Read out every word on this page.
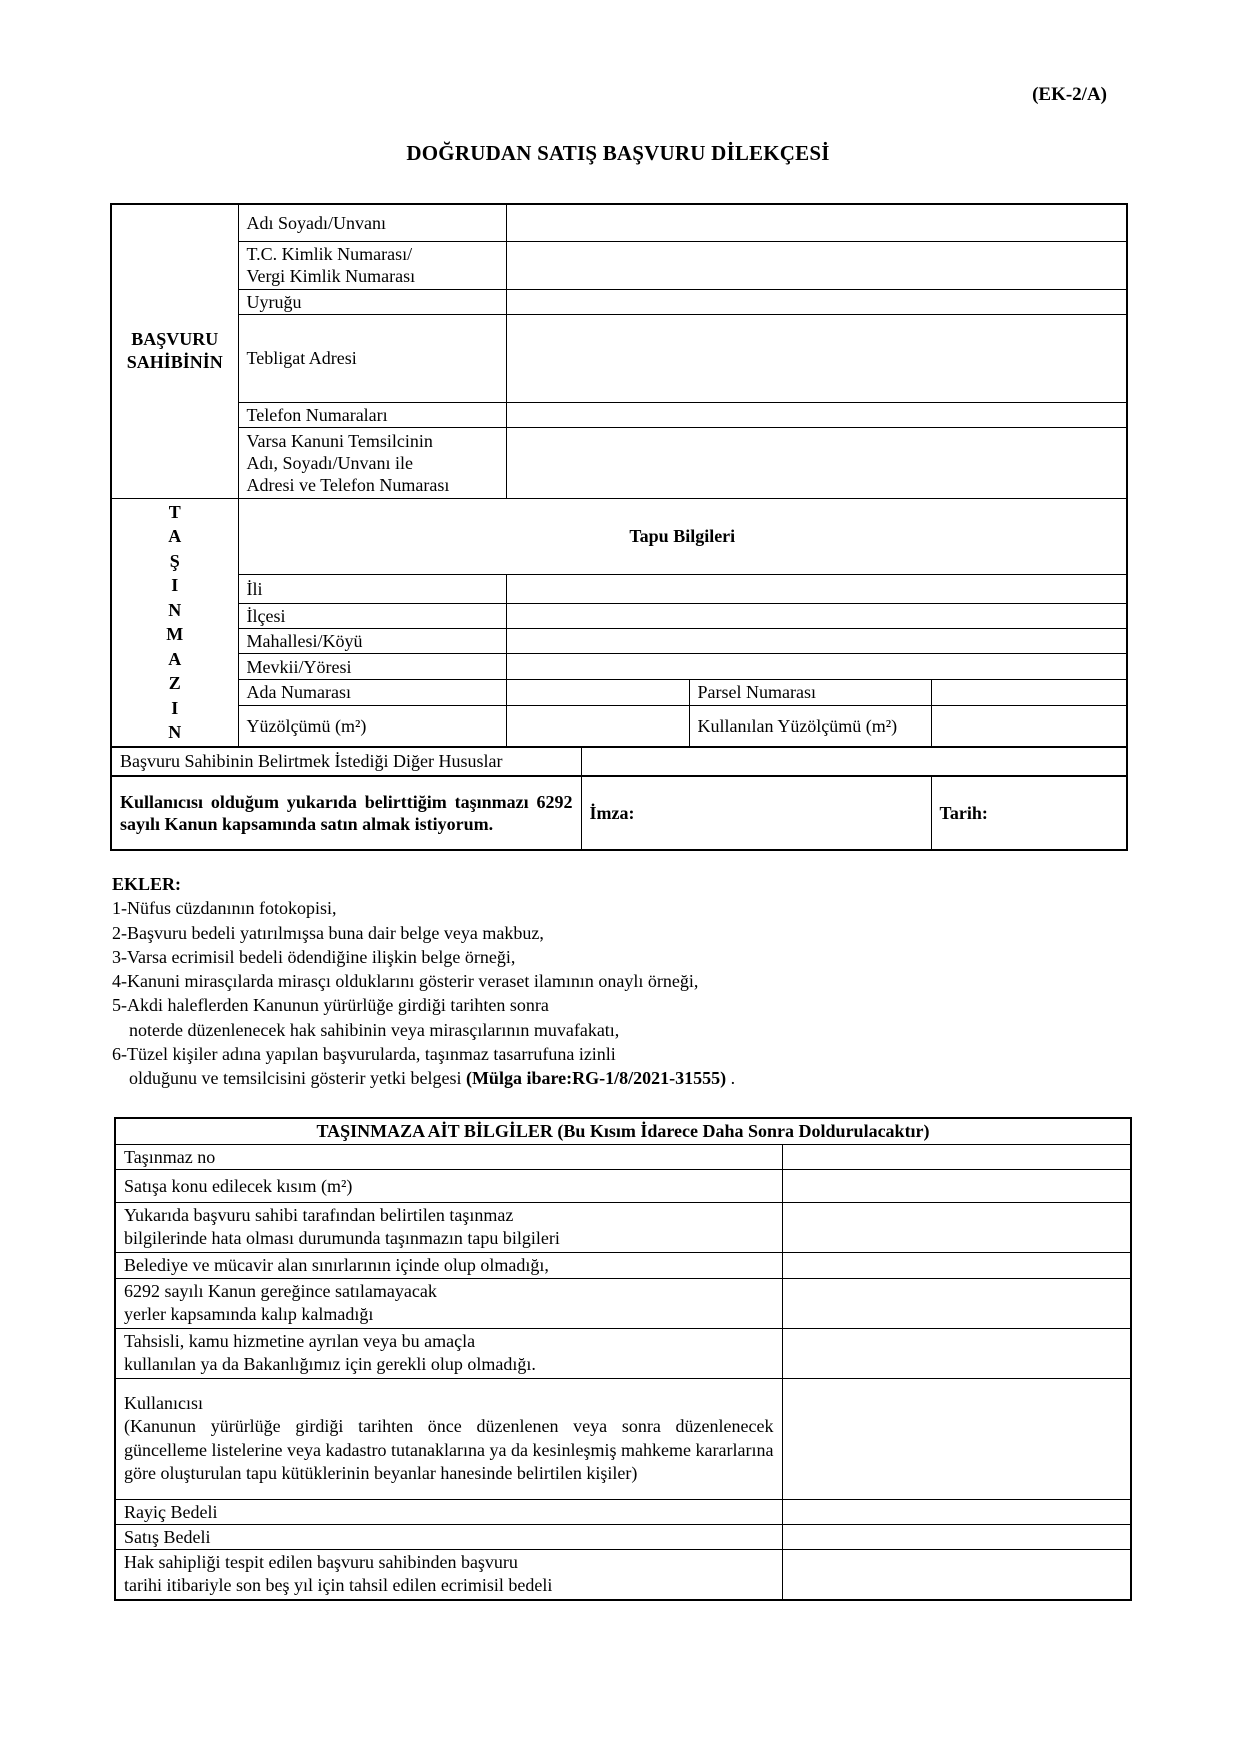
(EK-2/A)
DOĞRUDAN SATIŞ BAŞVURU DİLEKÇESİ
BAŞVURU
SAHİBİNİN	Adı Soyadı/Unvanı				

	T.C. Kimlik Numarası/
Vergi Kimlik Numarası				

	Uyruğu				
	Tebligat Adresi				
	Telefon Numaraları				

	Varsa Kanuni Temsilcinin
Adı, Soyadı/Unvanı ile
Adresi ve Telefon Numarası				

T
A
Ş
I
N
M
A
Z
I
N
	Tapu Bilgileri
	İli				
	İlçesi				
	Mahallesi/Köyü				
	Mevkii/Yöresi				
	Ada Numarası			Parsel Numarası	
	Yüzölçümü (m²)			Kullanılan Yüzölçümü (m²)	
Başvuru Sahibinin Belirtmek İstediği Diğer Hususlar					
Kullanıcısı olduğum yukarıda belirttiğim taşınmazı 6292 sayılı Kanun kapsamında satın almak istiyorum.			İmza:		Tarih:
EKLER:
1-Nüfus cüzdanının fotokopisi,
2-Başvuru bedeli yatırılmışsa buna dair belge veya makbuz,
3-Varsa ecrimisil bedeli ödendiğine ilişkin belge örneği,
4-Kanuni mirasçılarda mirasçı olduklarını gösterir veraset ilamının onaylı örneği,
5-Akdi haleflerden Kanunun yürürlüğe girdiği tarihten sonra
noterde düzenlenecek hak sahibinin veya mirasçılarının muvafakatı,
6-Tüzel kişiler adına yapılan başvurularda, taşınmaz tasarrufuna izinli
olduğunu ve temsilcisini gösterir yetki belgesi (Mülga ibare:RG-1/8/2021-31555) .
TAŞINMAZA AİT BİLGİLER (Bu Kısım İdarece Daha Sonra Doldurulacaktır)	
Taşınmaz no	
Satışa konu edilecek kısım (m²)	

Yukarıda başvuru sahibi tarafından belirtilen taşınmaz
bilgilerinde hata olması durumunda taşınmazın tapu bilgileri	

Belediye ve mücavir alan sınırlarının içinde olup olmadığı,	

6292 sayılı Kanun gereğince satılamayacak
yerler kapsamında kalıp kalmadığı	

Tahsisli, kamu hizmetine ayrılan veya bu amaçla
kullanılan ya da Bakanlığımız için gerekli olup olmadığı.	

Kullanıcısı
(Kanunun yürürlüğe girdiği tarihten önce düzenlenen veya sonra düzenlenecek güncelleme listelerine veya kadastro tutanaklarına ya da kesinleşmiş mahkeme kararlarına göre oluşturulan tapu kütüklerinin beyanlar hanesinde belirtilen kişiler)	

Rayiç Bedeli	
Satış Bedeli	

Hak sahipliği tespit edilen başvuru sahibinden başvuru
tarihi itibariyle son beş yıl için tahsil edilen ecrimisil bedeli	
